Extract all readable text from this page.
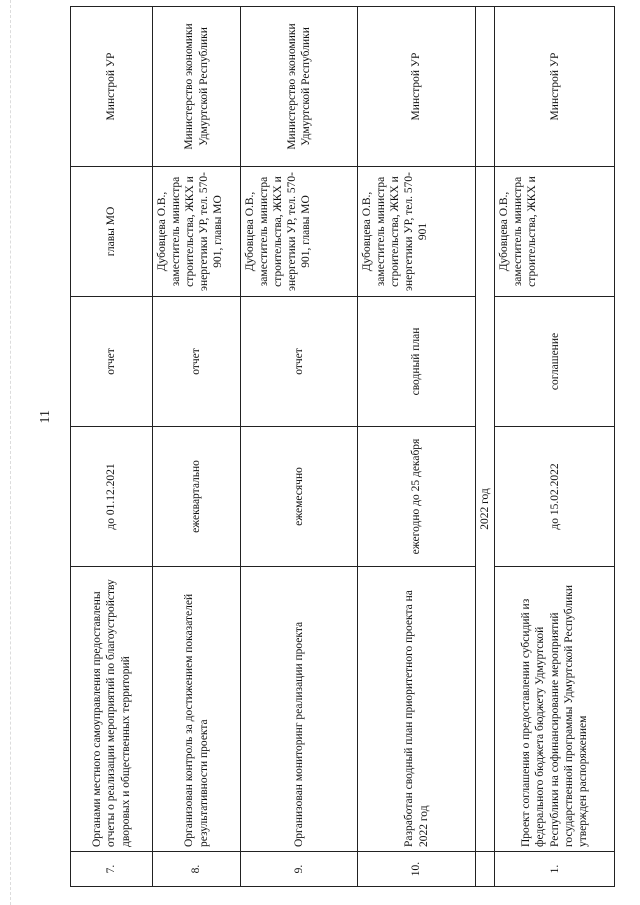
11
7.	Органами местного самоуправления предоставлены отчеты о реализации мероприятий по благоустройству дворовых и общественных территорий	до 01.12.2021	отчет	главы МО	Минстрой УР
8.	Организован контроль за достижением показателей результативности проекта	ежеквартально	отчет	Дубовцева О.В., заместитель министра строительства, ЖКХ и энергетики УР, тел. 570-901, главы МО	Министерство экономики Удмуртской Республики
9.	Организован мониторинг реализации проекта	ежемесячно	отчет	Дубовцева О.В., заместитель министра строительства, ЖКХ и энергетики УР, тел. 570-901, главы МО	Министерство экономики Удмуртской Республики
10.	Разработан сводный план приоритетного проекта на 2022 год	ежегодно до 25 декабря	сводный план	Дубовцева О.В., заместитель министра строительства, ЖКХ и энергетики УР, тел. 570-901	Минстрой УР
	2022 год				
1.	Проект соглашения о предоставлении субсидий из федерального бюджета бюджету Удмуртской Республики на софинансирование мероприятий государственной программы Удмуртской Республики утвержден распоряжением	до 15.02.2022	соглашение	Дубовцева О.В., заместитель министра строительства, ЖКХ и	Минстрой УР
